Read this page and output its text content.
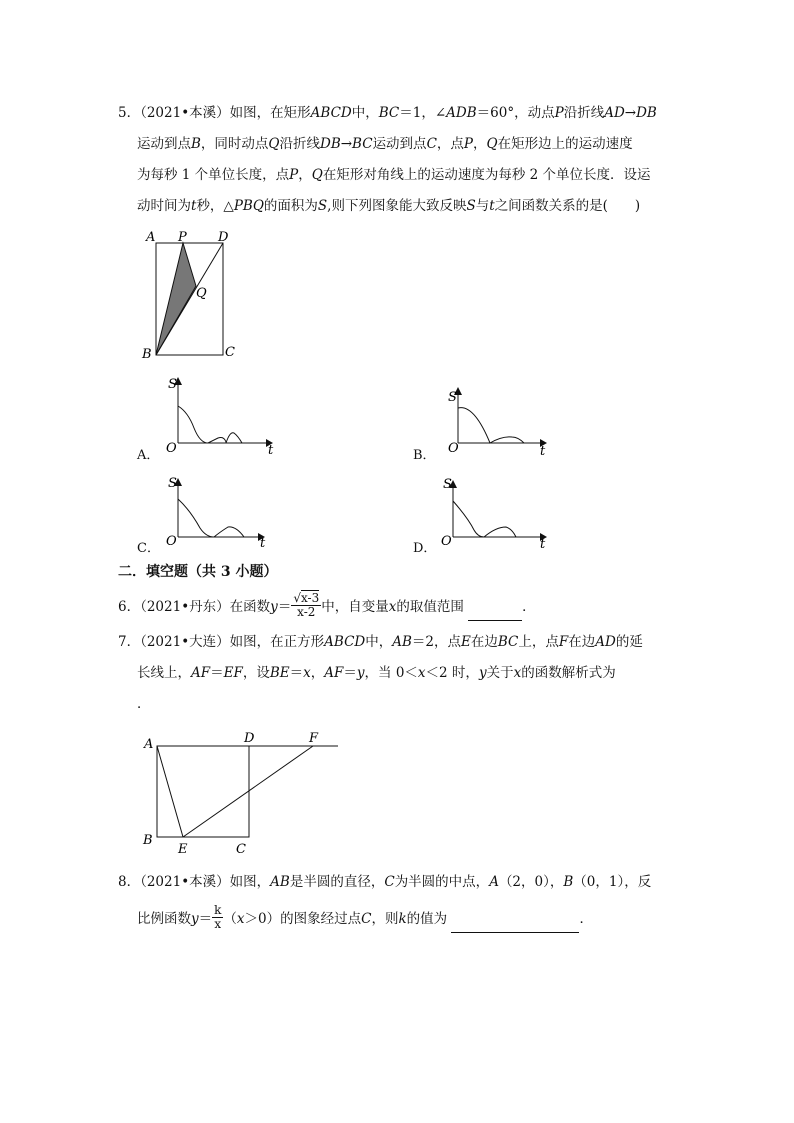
5．（2021•本溪）如图，在矩形ABCD中，BC＝1，∠ADB＝60°，动点P沿折线AD→DB
运动到点B，同时动点Q沿折线DB→BC运动到点C，点P，Q在矩形边上的运动速度
为每秒 1 个单位长度，点P，Q在矩形对角线上的运动速度为每秒 2 个单位长度．设运
动时间为t秒，△PBQ的面积为S,则下列图象能大致反映S与t之间函数关系的是(　　)
A P D
Q
B	C
S
O	t
A．
S
O	t
B．
S
O	t
C．
S
O	t
D．
二．填空题（共 3 小题）
6．（2021•丹东）在函数$y= \frac{√x-3}{x-2}$ 中，自变量x的取值范围	．
7．（2021•大连）如图，在正方形ABCD中，AB＝2，点E在边BC上，点F在边AD的延
长线上，AF＝EF，设BE＝x，AF＝y，当 0＜x＜2 时，y关于x的函数解析式为
．
A	D	F
B
E	C
8．（2021•本溪）如图，AB是半圆的直径，C为半圆的中点，A（2，0），B（0，1），反
比例函数$y= \frac{k}{x} (x>0)$的图象经过点C，则k的值为	．
